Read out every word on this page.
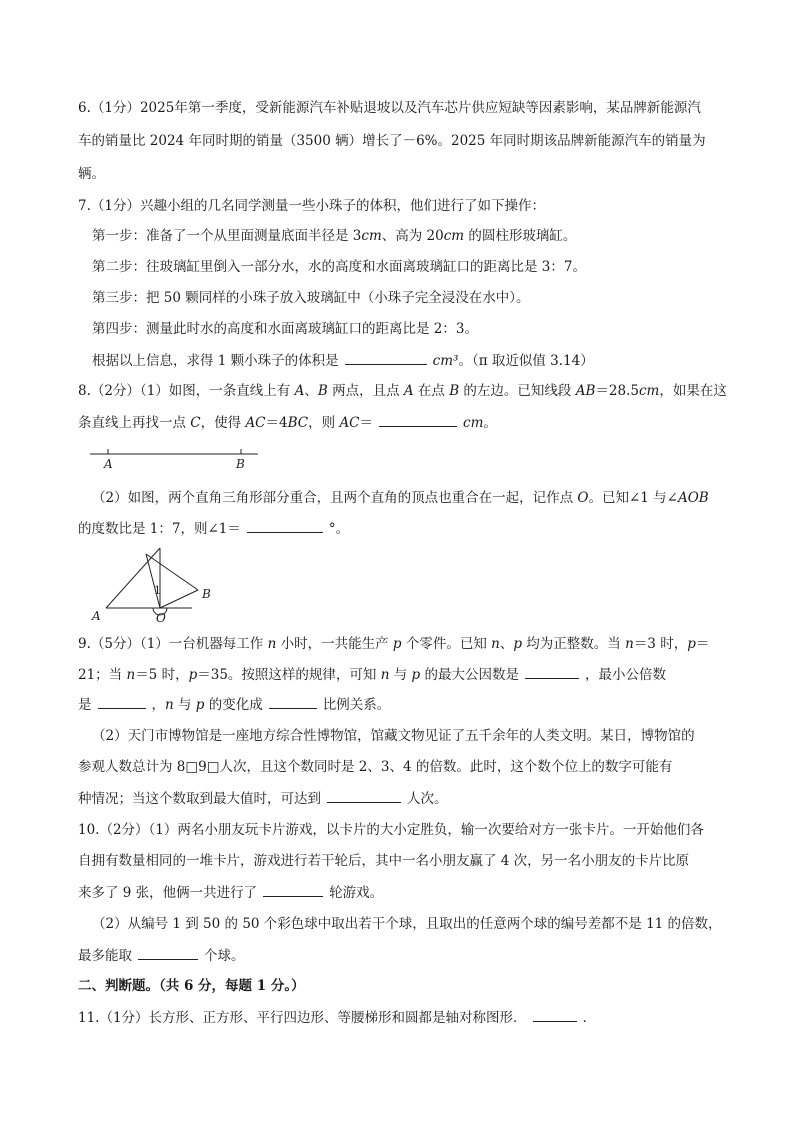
6.（1分）2025年第一季度，受新能源汽车补贴退坡以及汽车芯片供应短缺等因素影响，某品牌新能源汽
车的销量比 2024 年同时期的销量（3500 辆）增长了－6%。2025 年同时期该品牌新能源汽车的销量为
辆。
7.（1分）兴趣小组的几名同学测量一些小珠子的体积，他们进行了如下操作：
第一步：准备了一个从里面测量底面半径是 3cm、高为 20cm 的圆柱形玻璃缸。
第二步：往玻璃缸里倒入一部分水，水的高度和水面离玻璃缸口的距离比是 3：7。
第三步：把 50 颗同样的小珠子放入玻璃缸中（小珠子完全浸没在水中）。
第四步：测量此时水的高度和水面离玻璃缸口的距离比是 2：3。
根据以上信息，求得 1 颗小珠子的体积是	cm³。（π 取近似值 3.14）
8.（2分）（1）如图，一条直线上有 A、B 两点，且点 A 在点 B 的左边。已知线段 AB＝28.5cm，如果在这
条直线上再找一点 C，使得 AC＝4BC，则 AC＝	cm。
A	B
（2）如图，两个直角三角形部分重合，且两个直角的顶点也重合在一起，记作点 O。已知∠1 与∠AOB
的度数比是 1：7，则∠1＝	°。
1
A	O
B
9.（5分）（1）一台机器每工作 n 小时，一共能生产 p 个零件。已知 n、p 均为正整数。当 n＝3 时，p＝
21；当 n＝5 时，p＝35。按照这样的规律，可知 n 与 p 的最大公因数是	，最小公倍数
是	，n 与 p 的变化成	比例关系。
（2）天门市博物馆是一座地方综合性博物馆，馆藏文物见证了五千余年的人类文明。某日，博物馆的
参观人数总计为 8□9□人次，且这个数同时是 2、3、4 的倍数。此时，这个数个位上的数字可能有
种情况；当这个数取到最大值时，可达到	人次。
10.（2分）（1）两名小朋友玩卡片游戏，以卡片的大小定胜负，输一次要给对方一张卡片。一开始他们各
自拥有数量相同的一堆卡片，游戏进行若干轮后，其中一名小朋友赢了 4 次，另一名小朋友的卡片比原
来多了 9 张，他俩一共进行了	轮游戏。
（2）从编号 1 到 50 的 50 个彩色球中取出若干个球，且取出的任意两个球的编号差都不是 11 的倍数，
最多能取	个球。
二、判断题。（共 6 分，每题 1 分。）
11.（1分）长方形、正方形、平行四边形、等腰梯形和圆都是轴对称图形．	．
